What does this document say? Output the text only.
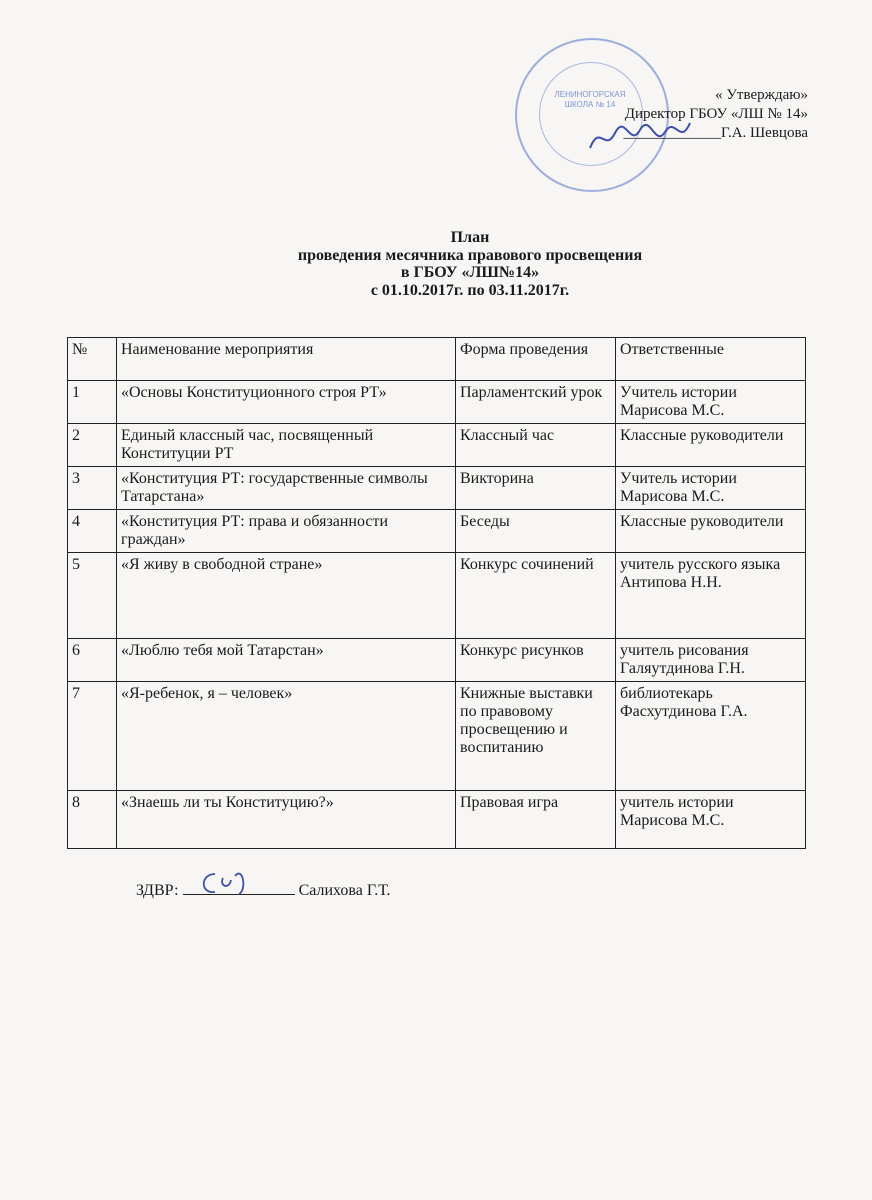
ЛЕНИНОГОРСКАЯ ШКОЛА № 14
« Утверждаю»
Директор ГБОУ «ЛШ № 14»
_____________Г.А. Шевцова
План
проведения месячника правового просвещения
в ГБОУ «ЛШ№14»
с 01.10.2017г. по 03.11.2017г.
№	Наименование мероприятия	Форма проведения	Ответственные
1	«Основы Конституционного строя РТ»	Парламентский урок	Учитель истории Марисова М.С.
2	Единый классный час, посвященный Конституции РТ	Классный час	Классные руководители
3	«Конституция РТ: государственные символы Татарстана»	Викторина	Учитель истории Марисова М.С.
4	«Конституция РТ: права и обязанности граждан»	Беседы	Классные руководители
5	«Я живу в свободной стране»	Конкурс сочинений	учитель русского языка Антипова Н.Н.
6	«Люблю тебя мой Татарстан»	Конкурс рисунков	учитель рисования Галяутдинова Г.Н.
7	«Я-ребенок, я – человек»	Книжные выставки по правовому просвещению и воспитанию	библиотекарь Фасхутдинова Г.А.
8	«Знаешь ли ты Конституцию?»	Правовая игра	учитель истории Марисова М.С.
ЗДВР:	Салихова Г.Т.
